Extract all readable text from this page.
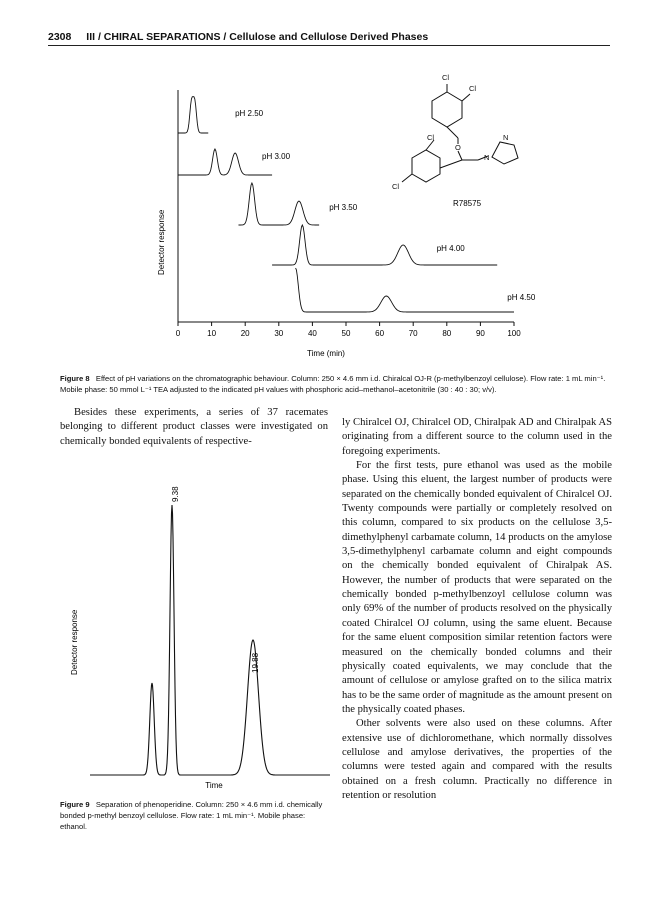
2308 III / CHIRAL SEPARATIONS / Cellulose and Cellulose Derived Phases
Detector response
0	10	20	30	40	50	60	70	80	90	100
pH 2.50
pH 3.00
pH 3.50
pH 4.00
pH 4.50
Time (min)
Cl
Cl
Cl
Cl
O
N
N
R78575
Figure 8 Effect of pH variations on the chromatographic behaviour. Column: 250 × 4.6 mm i.d. Chiralcal OJ-R (p-methylbenzoyl cellulose). Flow rate: 1 mL min⁻¹. Mobile phase: 50 mmol L⁻¹ TEA adjusted to the indicated pH values with phosphoric acid–methanol–acetonitrile (30 : 40 : 30; v/v).

Besides these experiments, a series of 37 racemates belonging to different product classes were investigated on chemically bonded equivalents of respective-

Detector response
9.38
19.88
Time
Figure 9 Separation of phenoperidine. Column: 250 × 4.6 mm i.d. chemically bonded p-methyl benzoyl cellulose. Flow rate: 1 mL min⁻¹. Mobile phase: ethanol.

ly Chiralcel OJ, Chiralcel OD, Chiralpak AD and Chiralpak AS originating from a different source to the column used in the foregoing experiments.

For the first tests, pure ethanol was used as the mobile phase. Using this eluent, the largest number of products were separated on the chemically bonded equivalent of Chiralcel OJ. Twenty compounds were partially or completely resolved on this column, compared to six products on the cellulose 3,5-dimethylphenyl carbamate column, 14 products on the amylose 3,5-dimethylphenyl carbamate column and eight compounds on the chemically bonded equivalent of Chiralpak AS. However, the number of products that were separated on the chemically bonded p-methylbenzoyl cellulose column was only 69% of the number of products resolved on the physically coated Chiralcel OJ column, using the same eluent. Because for the same eluent composition similar retention factors were measured on the chemically bonded columns and their physically coated equivalents, we may conclude that the amount of cellulose or amylose grafted on to the silica matrix has to be the same order of magnitude as the amount present on the physically coated phases.

Other solvents were also used on these columns. After extensive use of dichloromethane, which normally dissolves cellulose and amylose derivatives, the properties of the columns were tested again and compared with the results obtained on a fresh column. Practically no difference in retention or resolution
